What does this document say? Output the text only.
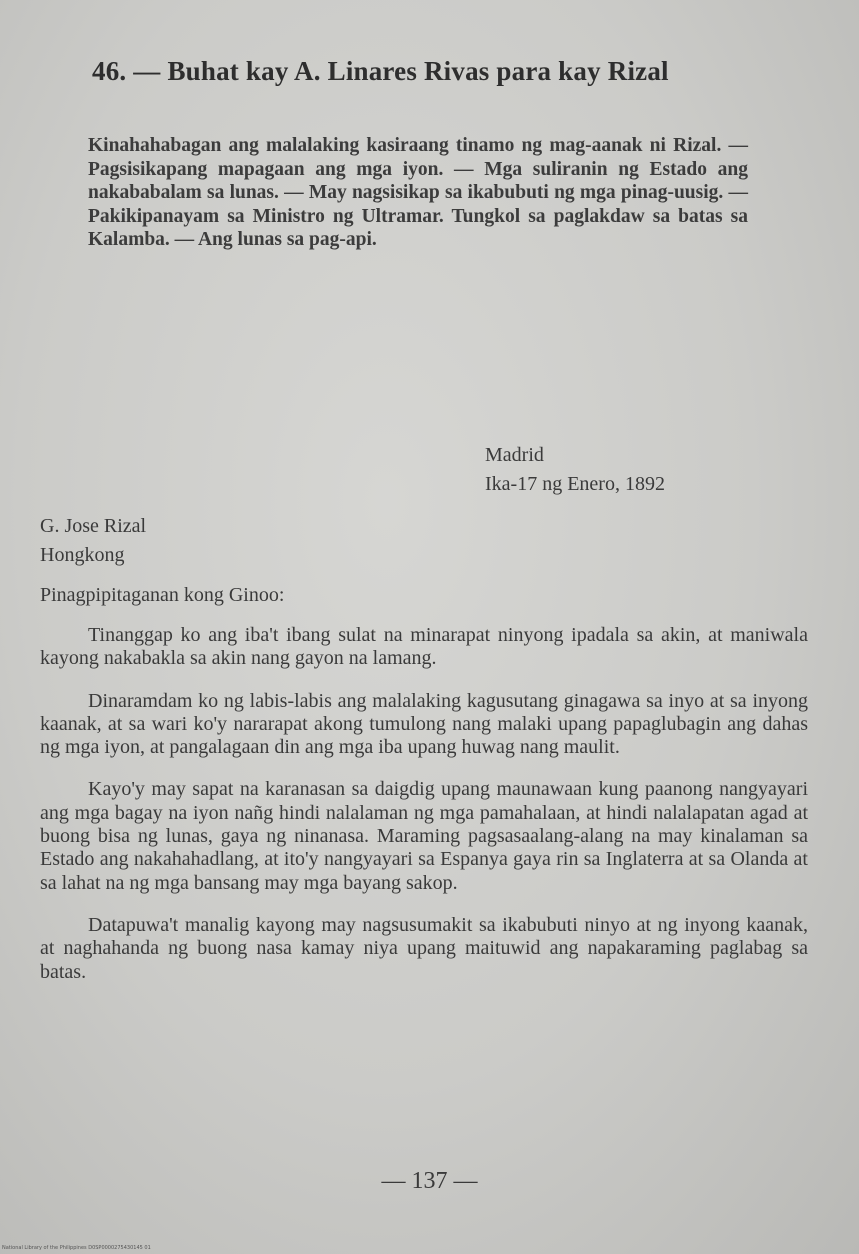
46. — Buhat kay A. Linares Rivas para kay Rizal

Kinahahabagan ang malalaking kasiraang tinamo ng mag-aanak ni Rizal. — Pagsisikapang mapagaan ang mga iyon. — Mga suliranin ng Estado ang nakababalam sa lunas. — May nagsisikap sa ikabubuti ng mga pinag-uusig. — Pakikipanayam sa Ministro ng Ultramar. Tungkol sa paglakdaw sa batas sa Kalamba. — Ang lunas sa pag-api.

Madrid
Ika-17 ng Enero, 1892
G. Jose Rizal
Hongkong
Pinagpipitaganan kong Ginoo:

Tinanggap ko ang iba't ibang sulat na minarapat ninyong ipadala sa akin, at maniwala kayong nakabakla sa akin nang gayon na lamang.

Dinaramdam ko ng labis-labis ang malalaking kagusutang ginagawa sa inyo at sa inyong kaanak, at sa wari ko'y nararapat akong tumulong nang malaki upang papaglubagin ang dahas ng mga iyon, at pangalagaan din ang mga iba upang huwag nang maulit.

Kayo'y may sapat na karanasan sa daigdig upang maunawaan kung paanong nangyayari ang mga bagay na iyon nañg hindi nalalaman ng mga pamahalaan, at hindi nalalapatan agad at buong bisa ng lunas, gaya ng ninanasa. Maraming pagsasaalang-alang na may kinalaman sa Estado ang nakahahadlang, at ito'y nangyayari sa Espanya gaya rin sa Inglaterra at sa Olanda at sa lahat na ng mga bansang may mga bayang sakop.

Datapuwa't manalig kayong may nagsusumakit sa ikabubuti ninyo at ng inyong kaanak, at naghahanda ng buong nasa kamay niya upang maituwid ang napakaraming paglabag sa batas.

— 137 —
National Library of the Philippines D0SP0000275430145 01
